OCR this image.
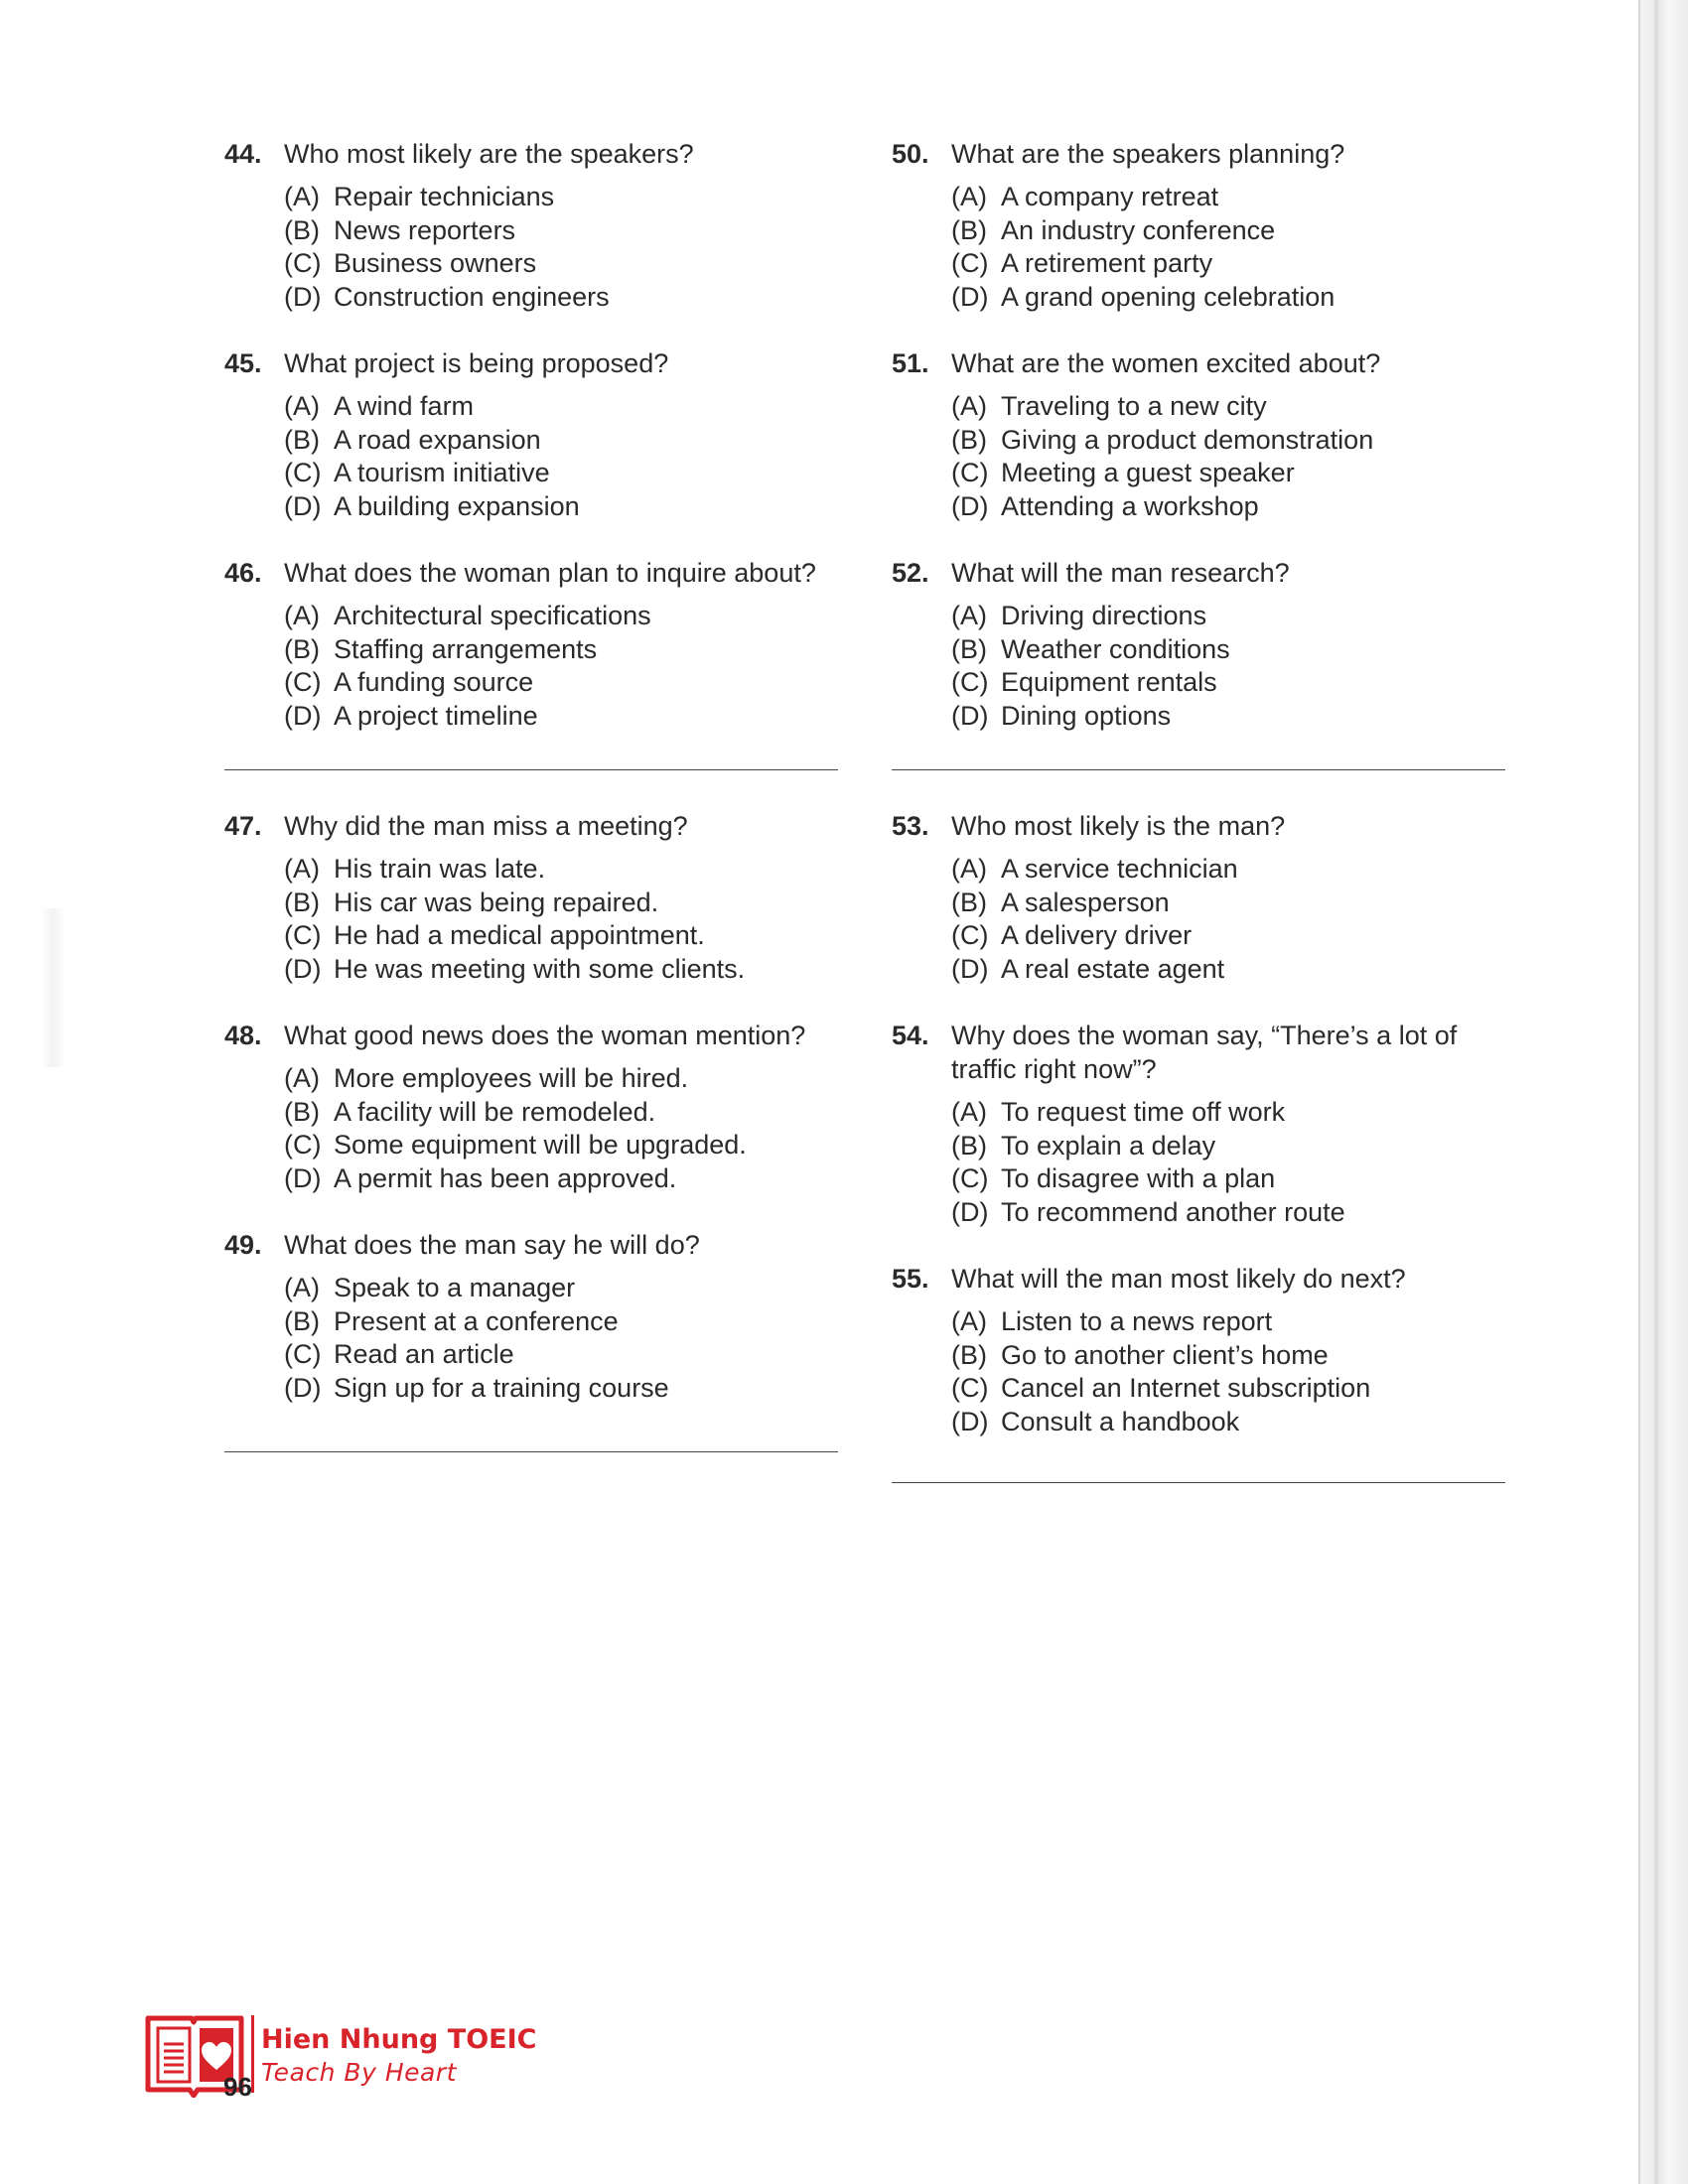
44. Who most likely are the speakers?
(A) Repair technicians
(B) News reporters
(C) Business owners
(D) Construction engineers
45. What project is being proposed?
(A) A wind farm
(B) A road expansion
(C) A tourism initiative
(D) A building expansion
46. What does the woman plan to inquire about?
(A) Architectural specifications
(B) Staffing arrangements
(C) A funding source
(D) A project timeline
47. Why did the man miss a meeting?
(A) His train was late.
(B) His car was being repaired.
(C) He had a medical appointment.
(D) He was meeting with some clients.
48. What good news does the woman mention?
(A) More employees will be hired.
(B) A facility will be remodeled.
(C) Some equipment will be upgraded.
(D) A permit has been approved.
49. What does the man say he will do?
(A) Speak to a manager
(B) Present at a conference
(C) Read an article
(D) Sign up for a training course
50. What are the speakers planning?
(A) A company retreat
(B) An industry conference
(C) A retirement party
(D) A grand opening celebration
51. What are the women excited about?
(A) Traveling to a new city
(B) Giving a product demonstration
(C) Meeting a guest speaker
(D) Attending a workshop
52. What will the man research?
(A) Driving directions
(B) Weather conditions
(C) Equipment rentals
(D) Dining options
53. Who most likely is the man?
(A) A service technician
(B) A salesperson
(C) A delivery driver
(D) A real estate agent
54. Why does the woman say, “There’s a lot of traffic right now”?
(A) To request time off work
(B) To explain a delay
(C) To disagree with a plan
(D) To recommend another route
55. What will the man most likely do next?
(A) Listen to a news report
(B) Go to another client’s home
(C) Cancel an Internet subscription
(D) Consult a handbook
Hien Nhung TOEIC
Teach By Heart
96
